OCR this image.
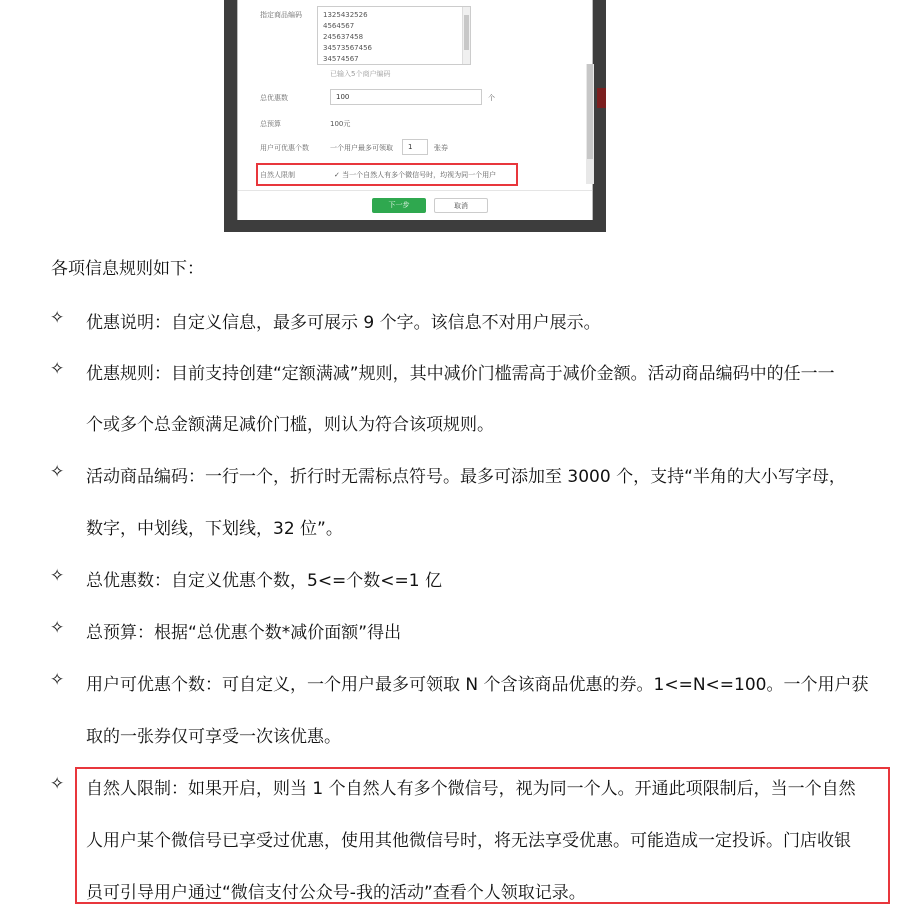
指定商品编码	1325432526
4564567
245637458
34573567456
34574567
已输入5个商户编码
总优惠数	100	个
总预算	100元
用户可优惠个数	一个用户最多可领取	1	张券
自然人限制	✓ 当一个自然人有多个微信号时，均视为同一个用户
下一步	取消
各项信息规则如下：
✧ 优惠说明：自定义信息，最多可展示 9 个字。该信息不对用户展示。
✧ 优惠规则：目前支持创建“定额满减”规则，其中减价门槛需高于减价金额。活动商品编码中的任一一
个或多个总金额满足减价门槛，则认为符合该项规则。
✧ 活动商品编码：一行一个，折行时无需标点符号。最多可添加至 3000 个，支持“半角的大小写字母，
数字，中划线，下划线，32 位”。
✧ 总优惠数：自定义优惠个数，5<=个数<=1 亿
✧ 总预算：根据“总优惠个数*减价面额”得出
✧ 用户可优惠个数：可自定义，一个用户最多可领取 N 个含该商品优惠的券。1<=N<=100。一个用户获
取的一张券仅可享受一次该优惠。
✧ 自然人限制：如果开启，则当 1 个自然人有多个微信号，视为同一个人。开通此项限制后，当一个自然
人用户某个微信号已享受过优惠，使用其他微信号时，将无法享受优惠。可能造成一定投诉。门店收银
员可引导用户通过“微信支付公众号-我的活动”查看个人领取记录。
